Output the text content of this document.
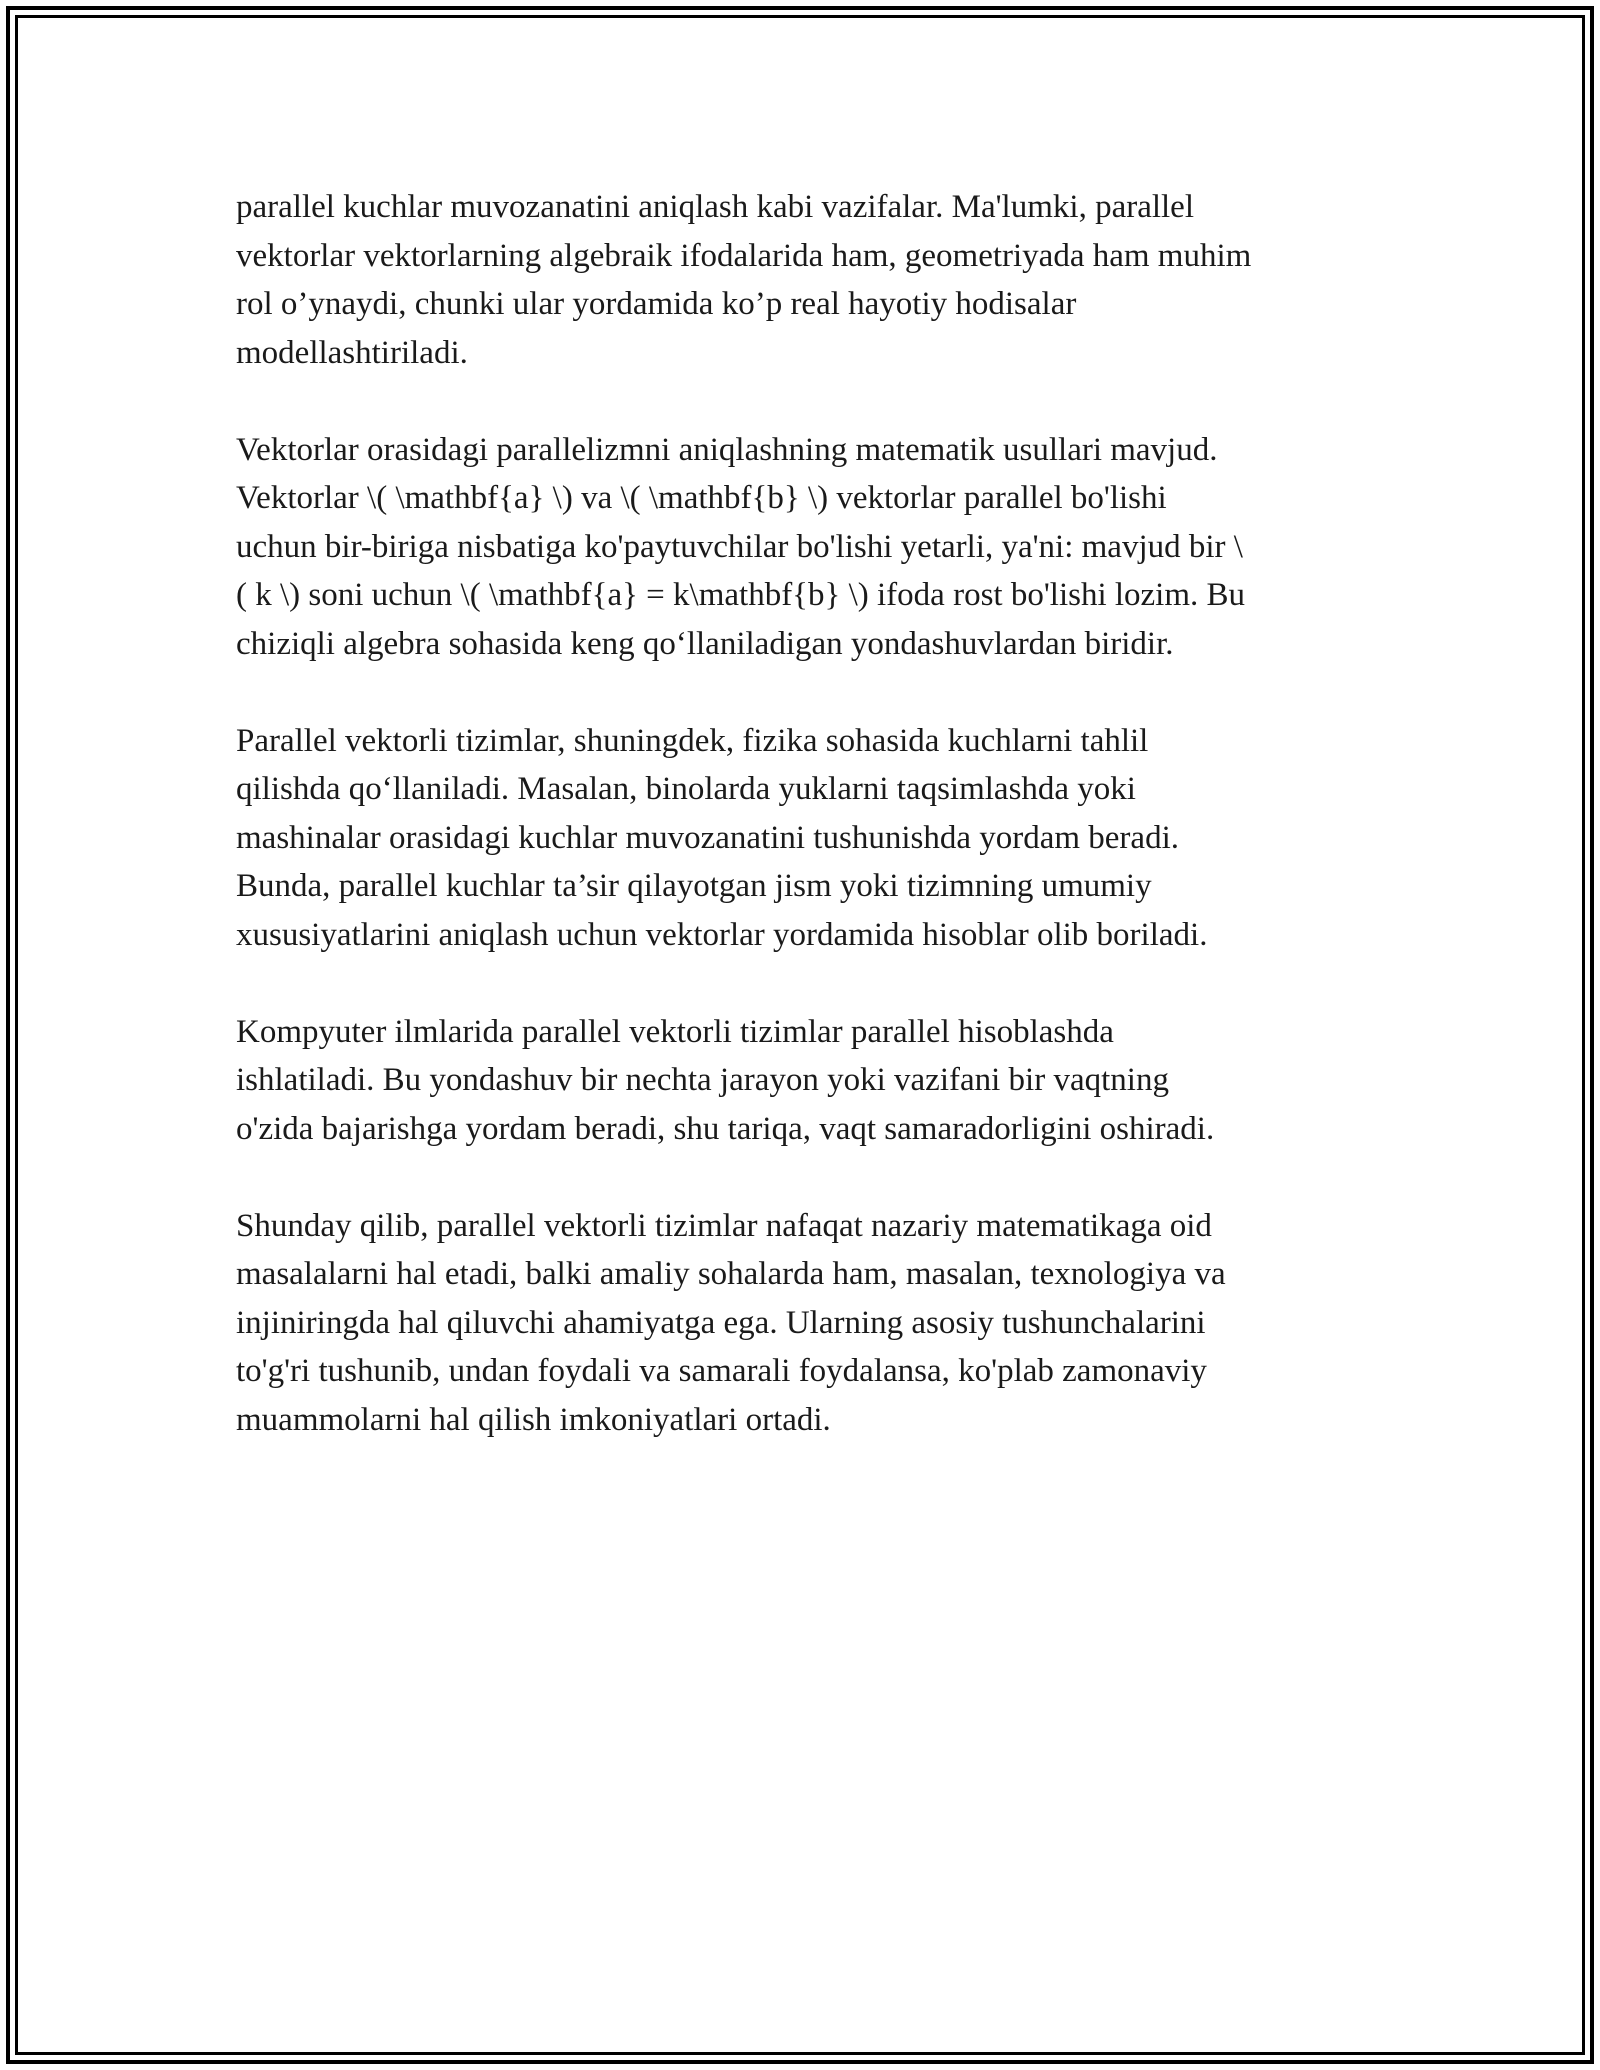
parallel kuchlar muvozanatini aniqlash kabi vazifalar. Ma'lumki, parallel
vektorlar vektorlarning algebraik ifodalarida ham, geometriyada ham muhim
rol o’ynaydi, chunki ular yordamida ko’p real hayotiy hodisalar
modellashtiriladi.

Vektorlar orasidagi parallelizmni aniqlashning matematik usullari mavjud.
Vektorlar \( \mathbf{a} \) va \( \mathbf{b} \) vektorlar parallel bo'lishi
uchun bir-biriga nisbatiga ko'paytuvchilar bo'lishi yetarli, ya'ni: mavjud bir \
( k \) soni uchun \( \mathbf{a} = k\mathbf{b} \) ifoda rost bo'lishi lozim. Bu
chiziqli algebra sohasida keng qo‘llaniladigan yondashuvlardan biridir.

Parallel vektorli tizimlar, shuningdek, fizika sohasida kuchlarni tahlil
qilishda qo‘llaniladi. Masalan, binolarda yuklarni taqsimlashda yoki
mashinalar orasidagi kuchlar muvozanatini tushunishda yordam beradi.
Bunda, parallel kuchlar ta’sir qilayotgan jism yoki tizimning umumiy
xususiyatlarini aniqlash uchun vektorlar yordamida hisoblar olib boriladi.

Kompyuter ilmlarida parallel vektorli tizimlar parallel hisoblashda
ishlatiladi. Bu yondashuv bir nechta jarayon yoki vazifani bir vaqtning
o'zida bajarishga yordam beradi, shu tariqa, vaqt samaradorligini oshiradi.

Shunday qilib, parallel vektorli tizimlar nafaqat nazariy matematikaga oid
masalalarni hal etadi, balki amaliy sohalarda ham, masalan, texnologiya va
injiniringda hal qiluvchi ahamiyatga ega. Ularning asosiy tushunchalarini
to'g'ri tushunib, undan foydali va samarali foydalansa, ko'plab zamonaviy
muammolarni hal qilish imkoniyatlari ortadi.
